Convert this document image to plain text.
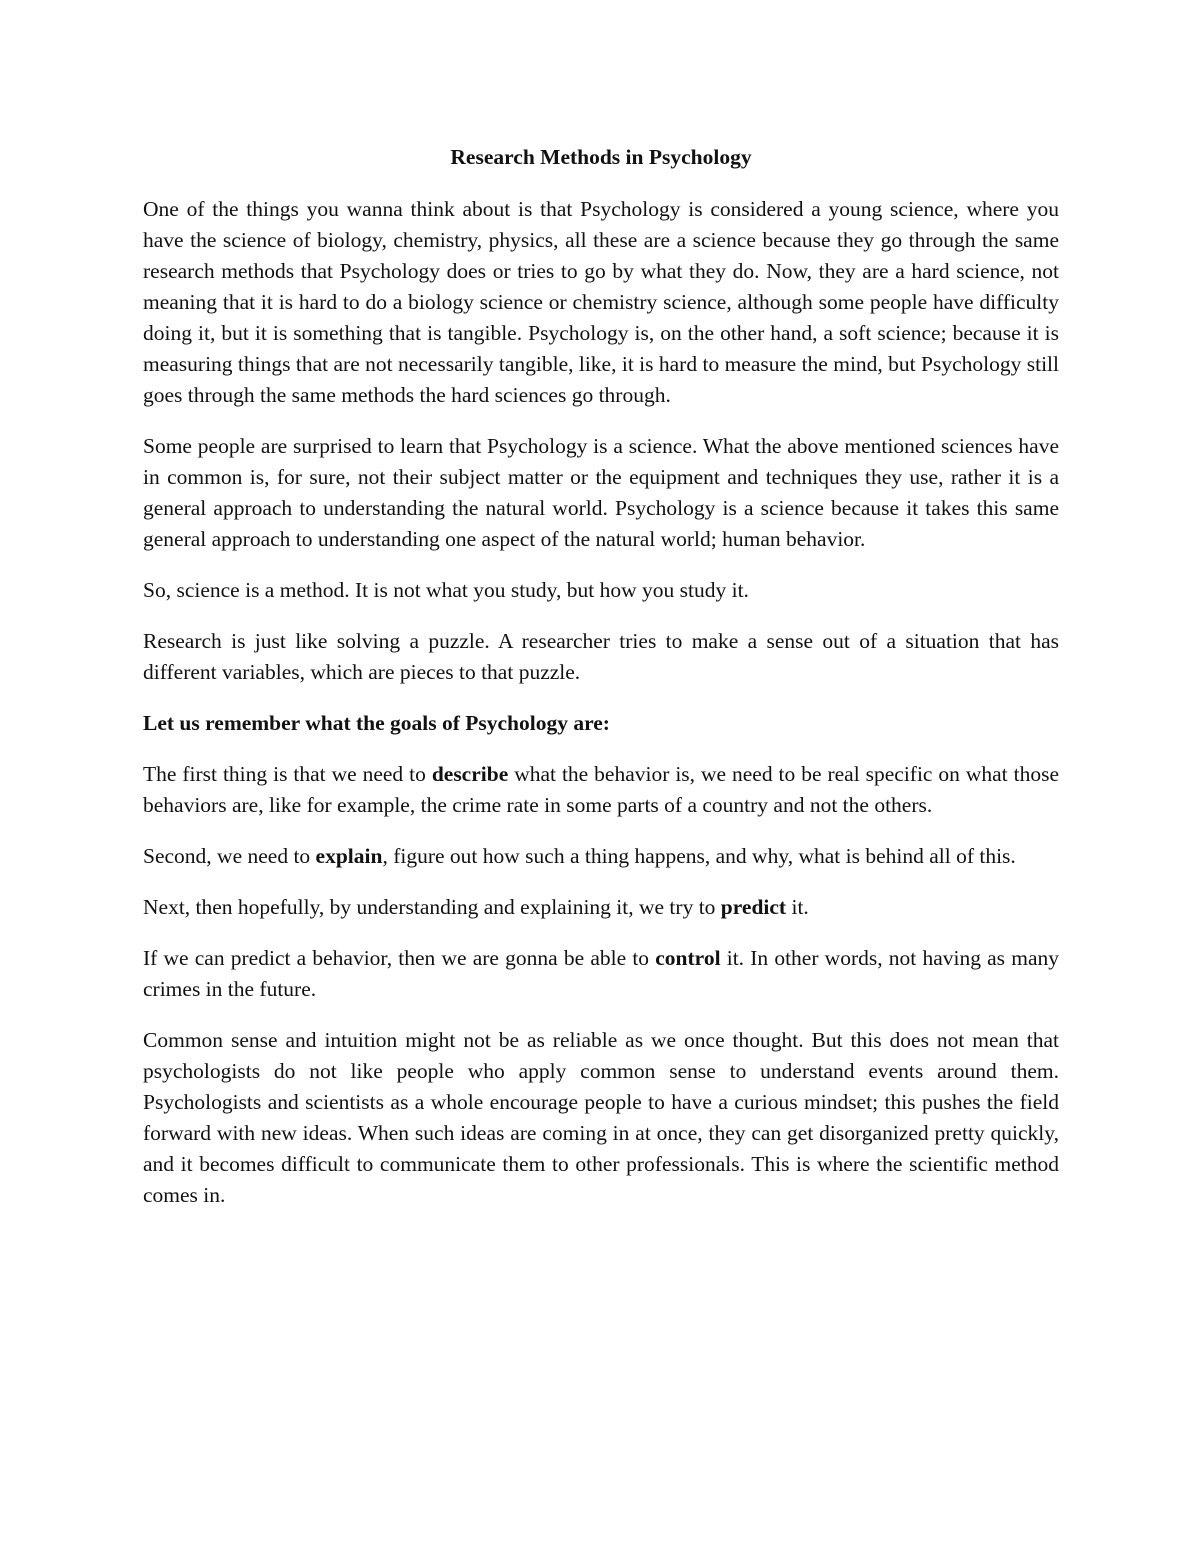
Research Methods in Psychology

One of the things you wanna think about is that Psychology is considered a young science, where you have the science of biology, chemistry, physics, all these are a science because they go through the same research methods that Psychology does or tries to go by what they do. Now, they are a hard science, not meaning that it is hard to do a biology science or chemistry science, although some people have difficulty doing it, but it is something that is tangible. Psychology is, on the other hand, a soft science; because it is measuring things that are not necessarily tangible, like, it is hard to measure the mind, but Psychology still goes through the same methods the hard sciences go through.

Some people are surprised to learn that Psychology is a science. What the above mentioned sciences have in common is, for sure, not their subject matter or the equipment and techniques they use, rather it is a general approach to understanding the natural world. Psychology is a science because it takes this same general approach to understanding one aspect of the natural world; human behavior.

So, science is a method. It is not what you study, but how you study it.

Research is just like solving a puzzle. A researcher tries to make a sense out of a situation that has different variables, which are pieces to that puzzle.

Let us remember what the goals of Psychology are:

The first thing is that we need to describe what the behavior is, we need to be real specific on what those behaviors are, like for example, the crime rate in some parts of a country and not the others.

Second, we need to explain, figure out how such a thing happens, and why, what is behind all of this.

Next, then hopefully, by understanding and explaining it, we try to predict it.

If we can predict a behavior, then we are gonna be able to control it. In other words, not having as many crimes in the future.

Common sense and intuition might not be as reliable as we once thought. But this does not mean that psychologists do not like people who apply common sense to understand events around them. Psychologists and scientists as a whole encourage people to have a curious mindset; this pushes the field forward with new ideas. When such ideas are coming in at once, they can get disorganized pretty quickly, and it becomes difficult to communicate them to other professionals. This is where the scientific method comes in.
